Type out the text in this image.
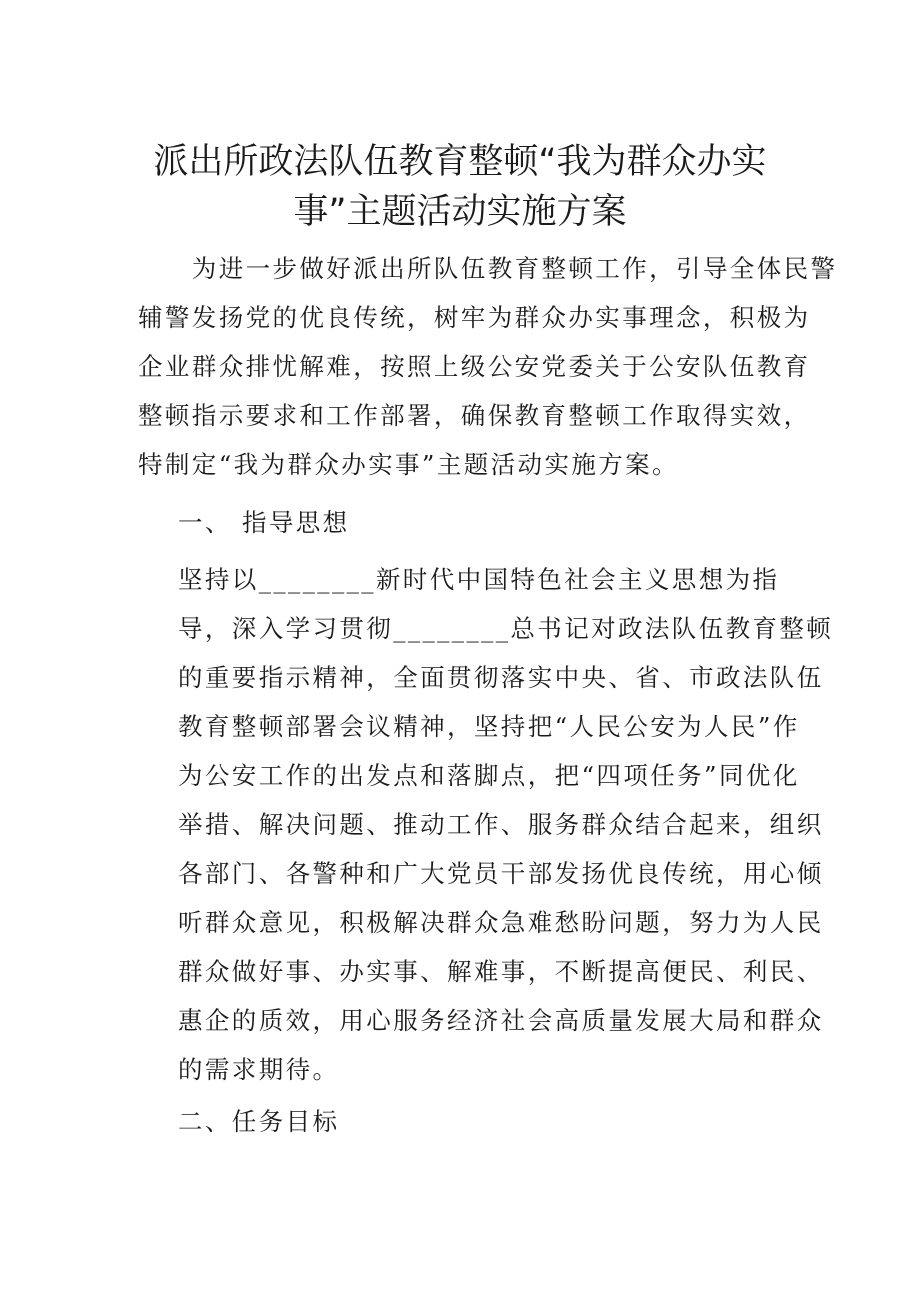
派出所政法队伍教育整顿“我为群众办实
事”主题活动实施方案
　　为进一步做好派出所队伍教育整顿工作，引导全体民警
辅警发扬党的优良传统，树牢为群众办实事理念，积极为
企业群众排忧解难，按照上级公安党委关于公安队伍教育
整顿指示要求和工作部署，确保教育整顿工作取得实效，
特制定“我为群众办实事”主题活动实施方案。
一、 指导思想
坚持以________新时代中国特色社会主义思想为指
导，深入学习贯彻________总书记对政法队伍教育整顿
的重要指示精神，全面贯彻落实中央、省、市政法队伍
教育整顿部署会议精神，坚持把“人民公安为人民”作
为公安工作的出发点和落脚点，把“四项任务”同优化
举措、解决问题、推动工作、服务群众结合起来，组织
各部门、各警种和广大党员干部发扬优良传统，用心倾
听群众意见，积极解决群众急难愁盼问题，努力为人民
群众做好事、办实事、解难事，不断提高便民、利民、
惠企的质效，用心服务经济社会高质量发展大局和群众
的需求期待。
二、任务目标
